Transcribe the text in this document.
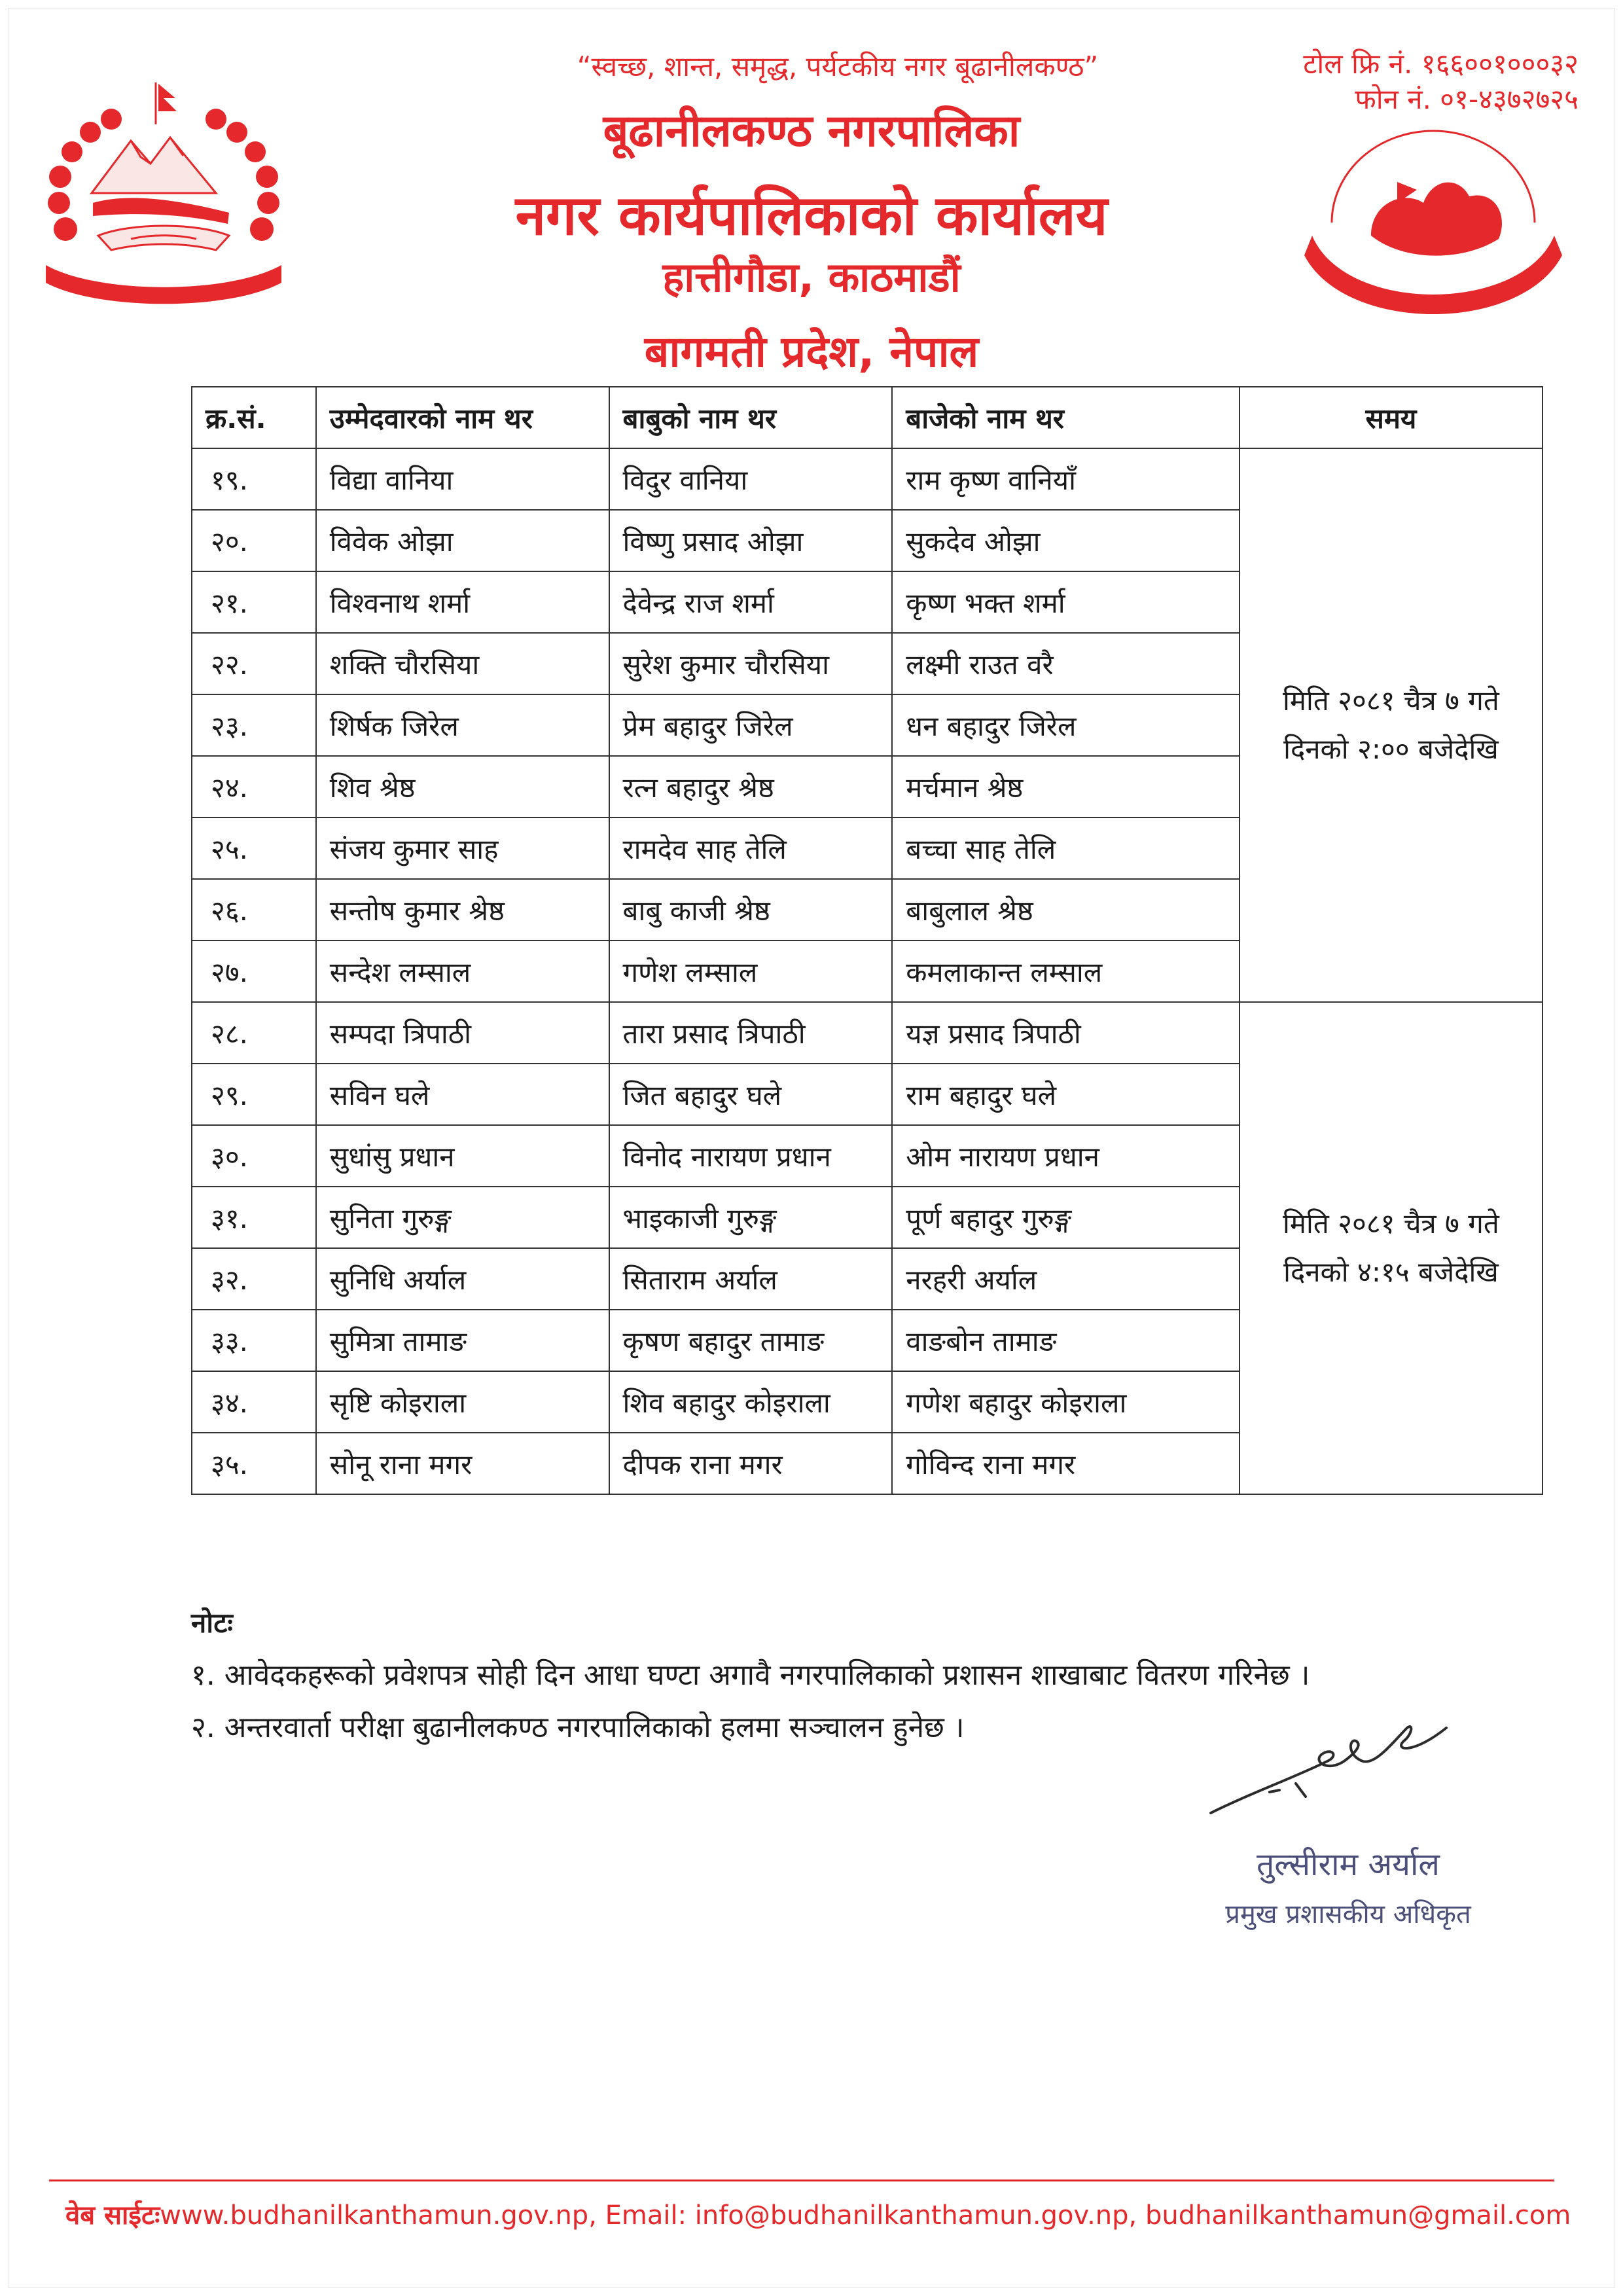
“स्वच्छ, शान्त, समृद्ध, पर्यटकीय नगर बूढानीलकण्ठ”
बूढानीलकण्ठ नगरपालिका
नगर कार्यपालिकाको कार्यालय
हात्तीगौडा, काठमाडौं
बागमती प्रदेश, नेपाल
टोल फ्रि नं. १६६००१०००३२
फोन नं. ०१-४३७२७२५
क्र.सं.	उम्मेदवारको नाम थर	बाबुको नाम थर	बाजेको नाम थर	समय
१९.	विद्या वानिया	विदुर वानिया	राम कृष्ण वानियाँ	मिति २०८१ चैत्र ७ गते
दिनको २:०० बजेदेखि

२०.	विवेक ओझा	विष्णु प्रसाद ओझा	सुकदेव ओझा	
२१.	विश्वनाथ शर्मा	देवेन्द्र राज शर्मा	कृष्ण भक्त शर्मा	
२२.	शक्ति चौरसिया	सुरेश कुमार चौरसिया	लक्ष्मी राउत वरै	
२३.	शिर्षक जिरेल	प्रेम बहादुर जिरेल	धन बहादुर जिरेल	
२४.	शिव श्रेष्ठ	रत्न बहादुर श्रेष्ठ	मर्चमान श्रेष्ठ	
२५.	संजय कुमार साह	रामदेव साह तेलि	बच्चा साह तेलि	
२६.	सन्तोष कुमार श्रेष्ठ	बाबु काजी श्रेष्ठ	बाबुलाल श्रेष्ठ	
२७.	सन्देश लम्साल	गणेश लम्साल	कमलाकान्त लम्साल	
२८.	सम्पदा त्रिपाठी	तारा प्रसाद त्रिपाठी	यज्ञ प्रसाद त्रिपाठी	मिति २०८१ चैत्र ७ गते
दिनको ४:१५ बजेदेखि

२९.	सविन घले	जित बहादुर घले	राम बहादुर घले	
३०.	सुधांसु प्रधान	विनोद नारायण प्रधान	ओम नारायण प्रधान	
३१.	सुनिता गुरुङ्ग	भाइकाजी गुरुङ्ग	पूर्ण बहादुर गुरुङ्ग	
३२.	सुनिधि अर्याल	सिताराम अर्याल	नरहरी अर्याल	
३३.	सुमित्रा तामाङ	कृषण बहादुर तामाङ	वाङबोन तामाङ	
३४.	सृष्टि कोइराला	शिव बहादुर कोइराला	गणेश बहादुर कोइराला	
३५.	सोनू राना मगर	दीपक राना मगर	गोविन्द राना मगर	
नोटः
१. आवेदकहरूको प्रवेशपत्र सोही दिन आधा घण्टा अगावै नगरपालिकाको प्रशासन शाखाबाट वितरण गरिनेछ ।
२. अन्तरवार्ता परीक्षा बुढानीलकण्ठ नगरपालिकाको हलमा सञ्चालन हुनेछ ।
तुल्सीराम अर्याल
प्रमुख प्रशासकीय अधिकृत
वेब साईटःwww.budhanilkanthamun.gov.np, Email: info@budhanilkanthamun.gov.np, budhanilkanthamun@gmail.com
